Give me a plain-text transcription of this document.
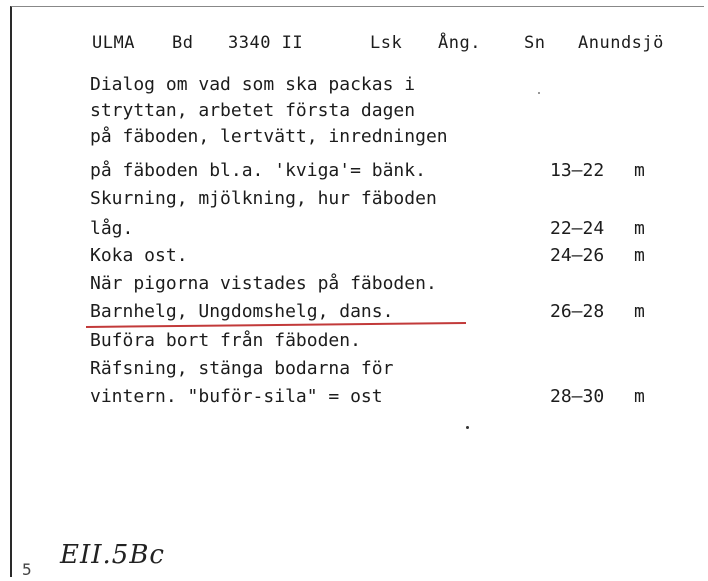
ULMA Bd 3340 II	Lsk Ång.	Sn Anundsjö
Dialog om vad som ska packas i
stryttan, arbetet första dagen
på fäboden, lertvätt, inredningen
på fäboden bl.a. 'kviga'= bänk.	13–22 m
Skurning, mjölkning, hur fäboden
låg.	22–24 m
Koka ost.	24–26 m
När pigorna vistades på fäboden.
Barnhelg, Ungdomshelg, dans.	26–28 m
Buföra bort från fäboden.
Räfsning, stänga bodarna för
vintern. "buför-sila" = ost	28–30 m
5 EII.5Bc
